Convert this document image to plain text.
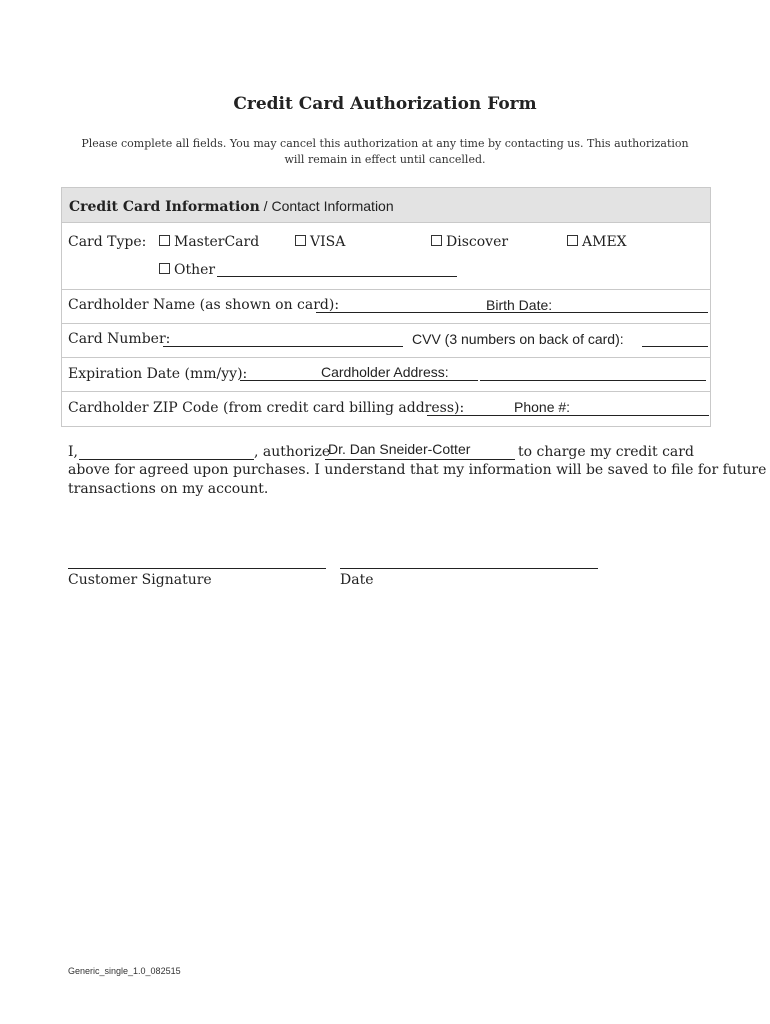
Credit Card Authorization Form
Please complete all fields. You may cancel this authorization at any time by contacting us. This authorization will remain in effect until cancelled.
Credit Card Information / Contact Information
Card Type:	MasterCard	VISA	Discover	AMEX
Other
Cardholder Name (as shown on card):	Birth Date:
Card Number:	CVV (3 numbers on back of card):
Expiration Date (mm/yy):	Cardholder Address:
Cardholder ZIP Code (from credit card billing address):	Phone #:
I,	, authorize
Dr. Dan Sneider-Cotter	to charge my credit card
above for agreed upon purchases. I understand that my information will be saved to file for future
transactions on my account.
Customer Signature	Date
Generic_single_1.0_082515
